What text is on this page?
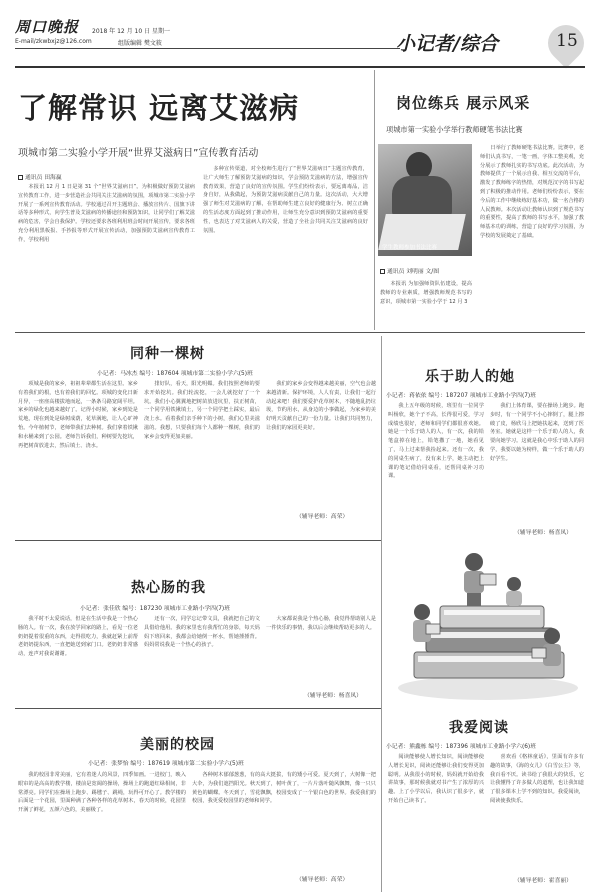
周口晚报 2018 年 12 月 10 日 星期一
E-mail/zkwbxjz@126.com	组版编辑 樊文筱	小记者/综合	15
了解常识 远离艾滋病
项城市第二实验小学开展“世界艾滋病日”宣传教育活动
通讯员 田海赢

本报讯 12 月 1 日是第 31 个“世界艾滋病日”。为积极做好预防艾滋病宣传教育工作，进一步营造社会共同关注艾滋病的氛围，项城市第二实验小学开展了一系列宣传教育活动。学校通过召开主题班会、播放宣传片、国旗下讲话等多种形式，向学生普及艾滋病的传播途径和预防知识，让同学们了解艾滋病的危害，学会自我保护。学校还要求各班利用班会时间开展宣传，要求各班充分利用黑板报、手抄报等形式开展宣传活动，加强预防艾滋病宣传教育工作，学校利用

多种宣传渠道，对全校师生进行了“世界艾滋病日”主题宣传教育，让广大师生了解预防艾滋病的知识，学会预防艾滋病的方法，增强宣传教育效果，营造了良好的宣传氛围。学生们纷纷表示，要远离毒品，洁身自好，从我做起，为预防艾滋病贡献自己的力量。这次活动，大大增强了师生对艾滋病的了解，在帮助师生建立良好的健康行为、树立正确的生活态度方面起到了推动作用，让师生充分意识到预防艾滋病的重要性，也表达了对艾滋病人的关爱，营造了全社会共同关注艾滋病的良好氛围。

岗位练兵 展示风采
项城市第一实验小学举行教师硬笔书法比赛
学生教师参加书法比赛
通讯员 刘明丽 文/图

本报讯 为加强师资队伍建设，提高教师的专业素质，增强教师规范书写的意识，项城市第一实验小学于 12 月 3

日举行了教师硬笔书法比赛。比赛中，老师们认真书写，一笔一画，字体工整美观，充分展示了教师扎实的书写功底。此次活动，为教师提供了一个展示自我、相互交流的平台，激发了教师练字的热情，对规范汉字的书写起到了积极的推动作用。老师们纷纷表示，要在今后的工作中继续练好基本功，做一名合格的人民教师。本次活动让教师认识到了规范书写的重要性，提高了教师的书写水平，加强了教师基本功的训练，营造了良好的学习氛围，为学校的发展奠定了基础。

同种一棵树
小记者：马冰杰 编号：187604 项城市第二实验小学六(5)班

项城是我的家乡，祖祖辈辈都生活在这里。家乡有着我们的根，也有着我们的回忆。项城的变化日新月异，一座座高楼拔地而起，一条条马路宽阔平坦。家乡的绿化也越来越好了。记得小时候，家乡到处是荒地，现在到处是绿树成荫，花草满地，让人心旷神怡。今年植树节，老师带我们去种树。我们拿着铁锹和水桶来到了公园。老师告诉我们，种树要先挖坑，再把树苗放进去，然后填土、浇水。

排好队，看天，阳光明媚。我们按照老师的要求开始挖坑。我们轮流挖，一会儿就挖好了一个坑。我们小心翼翼地把树苗放进坑里，扶正树苗，一个同学用铁锹填土，另一个同学把土踩实，最后浇上水。看着我们亲手种下的小树，我们心里美滋滋的。我想，只要我们每个人都种一棵树，我们的家乡会变得更加美丽。

我们的家乡会变得越来越美丽，空气也会越来越清新。保护环境，人人有责，让我们一起行动起来吧！我们要爱护花草树木，不随地乱扔垃圾，节约用水，从身边的小事做起，为家乡的美好明天贡献自己的一份力量。让我们共同努力，让我们的家园更美好。

（辅导老师：高荣）
乐于助人的她
小记者：蒋依依 编号：187207 项城市工业路小学四(7)班

我上五年级的时候，班里有一位同学叫杨欣，她个子不高，长得很可爱，学习成绩也很好，老师和同学们都很喜欢她。她是一个乐于助人的人，有一次，我的铅笔盒掉在地上，铅笔撒了一地，她看见了，马上过来帮我捡起来。还有一次，我的同桌生病了，没有来上学，她主动把上课的笔记借给同桌看，还帮同桌补习功课。

我们上体育课，要在操场上跑步。跑步时，有一个同学不小心摔倒了，腿上擦破了皮，杨欣马上把她扶起来，送到了医务室。她就是这样一个乐于助人的人，我要向她学习。这就是我心中乐于助人的同学，我要以她为榜样，做一个乐于助人的好学生。

（辅导老师：杨喜凤）
热心肠的我
小记者：张佳欣 编号：187230 项城市工业路小学四(7)班

我平时不太爱说话，但是在生活中我是一个热心肠的人。有一次，我在放学回家的路上，看见一位老奶奶提着很重的东西，走得很吃力，我就赶紧上前帮老奶奶提东西，一直把她送到家门口。老奶奶非常感动，连声对我说谢谢。

还有一次，同学忘记带文具，我就把自己的文具借给他用。我的家里也有我帮忙的身影，每天妈妈下班回来，我都会给她倒一杯水，帮她捶捶背。妈妈常说我是一个热心的孩子。

大家都说我是个热心肠，我觉得帮助别人是一件快乐的事情，我以后会继续帮助更多的人。

（辅导老师：杨喜凤）
美丽的校园
小记者：张梦怡 编号：187619 项城市第二实验小学六(5)班

我的校园非常美丽，它有着迷人的风景，四季如画。一进校门，映入眼帘的是高高的教学楼，楼前是宽阔的操场，操场上的跑道红绿相间，非常漂亮。同学们在操场上跑步、踢毽子、跳绳，玩得可开心了。教学楼的后面是一个花园，里面种满了各种各样的花草树木，春天的时候，花园里开满了鲜花，五颜六色的，美丽极了。

各种树木郁郁葱葱，有的高大挺拔，有的矮小可爱。夏天到了，大树像一把大伞，为我们遮挡阳光。秋天到了，树叶黄了，一片片落叶随风飘舞，像一只只黄色的蝴蝶。冬天到了，雪花飘飘，校园变成了一个银白色的世界。我爱我们的校园，我更爱校园里的老师和同学。

（辅导老师：高荣）
我爱阅读
小记者：熊鑫栋 编号：187396 项城市工业路小学六(6)班

阅读能够使人增长知识，阅读能够使人增长见识，阅读还能够让我们变得更加聪明。从我很小的时候，妈妈就开始给我讲故事，那时候我就对书产生了浓厚的兴趣。上了小学以后，我认识了很多字，就开始自己读书了。

喜欢看《格林童话》，里面有许多有趣的故事，《海的女儿》《白雪公主》等，我百看不厌。读书给了我很大的快乐，它让我懂得了许多做人的道理，也让我知道了很多课本上学不到的知识。我爱阅读，阅读使我快乐。

（辅导老师：霍喜丽）
